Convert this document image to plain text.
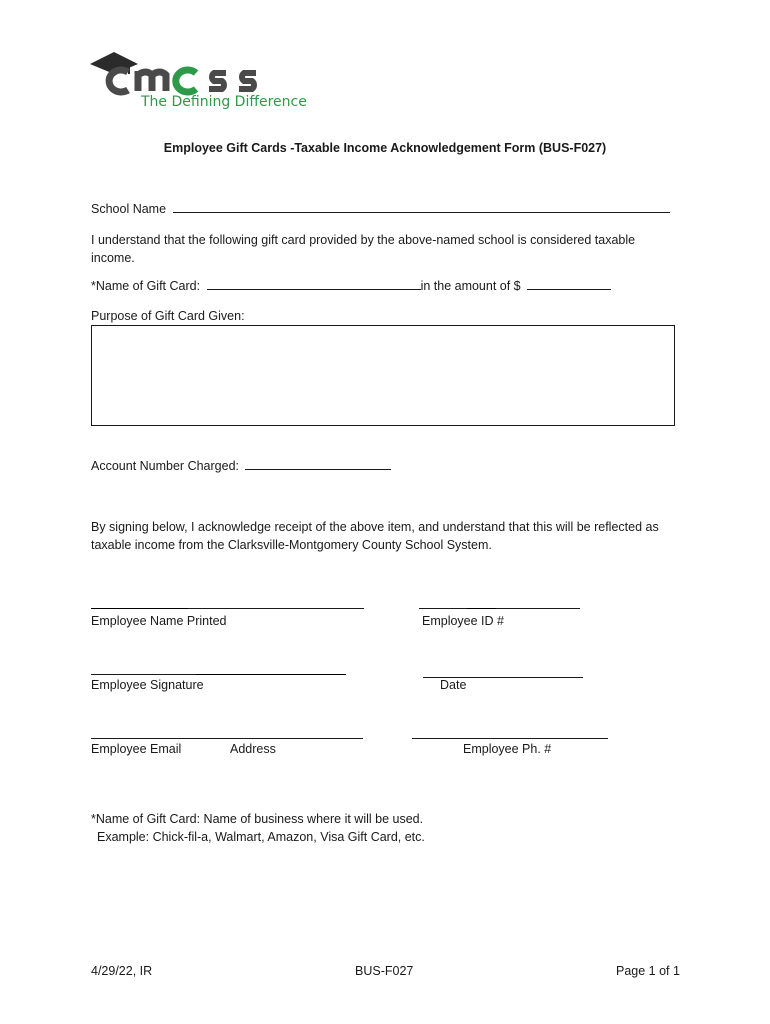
The Defining Difference
Employee Gift Cards -Taxable Income Acknowledgement Form (BUS-F027)
School Name

I understand that the following gift card provided by the above-named school is considered taxable
income.

*Name of Gift Card:	in the amount of $
Purpose of Gift Card Given:
Account Number Charged:

By signing below, I acknowledge receipt of the above item, and understand that this will be reflected as
taxable income from the Clarksville-Montgomery County School System.

Employee Name Printed	Employee ID #
Employee Signature	Date
Employee Email	Address	Employee Ph. #

*Name of Gift Card: Name of business where it will be used.
Example: Chick-fil-a, Walmart, Amazon, Visa Gift Card, etc.

4/29/22, IR	BUS-F027	Page 1 of 1
